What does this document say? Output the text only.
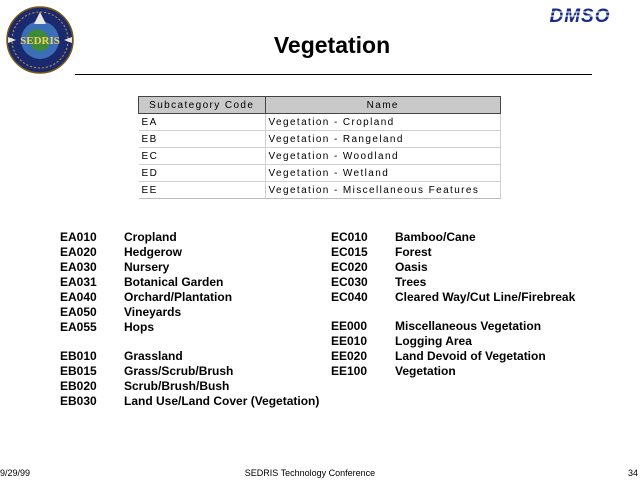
SEDRIS
DMSO
Vegetation
Subcategory Code	Name
EA	Vegetation - Cropland
EB	Vegetation - Rangeland
EC	Vegetation - Woodland
ED	Vegetation - Wetland
EE	Vegetation - Miscellaneous Features
EA010 Cropland
EA020 Hedgerow
EA030 Nursery
EA031 Botanical Garden
EA040 Orchard/Plantation
EA050 Vineyards
EA055 Hops
EB010 Grassland
EB015 Grass/Scrub/Brush
EB020 Scrub/Brush/Bush
EB030 Land Use/Land Cover (Vegetation)
EC010 Bamboo/Cane
EC015 Forest
EC020 Oasis
EC030 Trees
EC040 Cleared Way/Cut Line/Firebreak
EE000 Miscellaneous Vegetation
EE010 Logging Area
EE020 Land Devoid of Vegetation
EE100 Vegetation
9/29/99	SEDRIS Technology Conference	34
